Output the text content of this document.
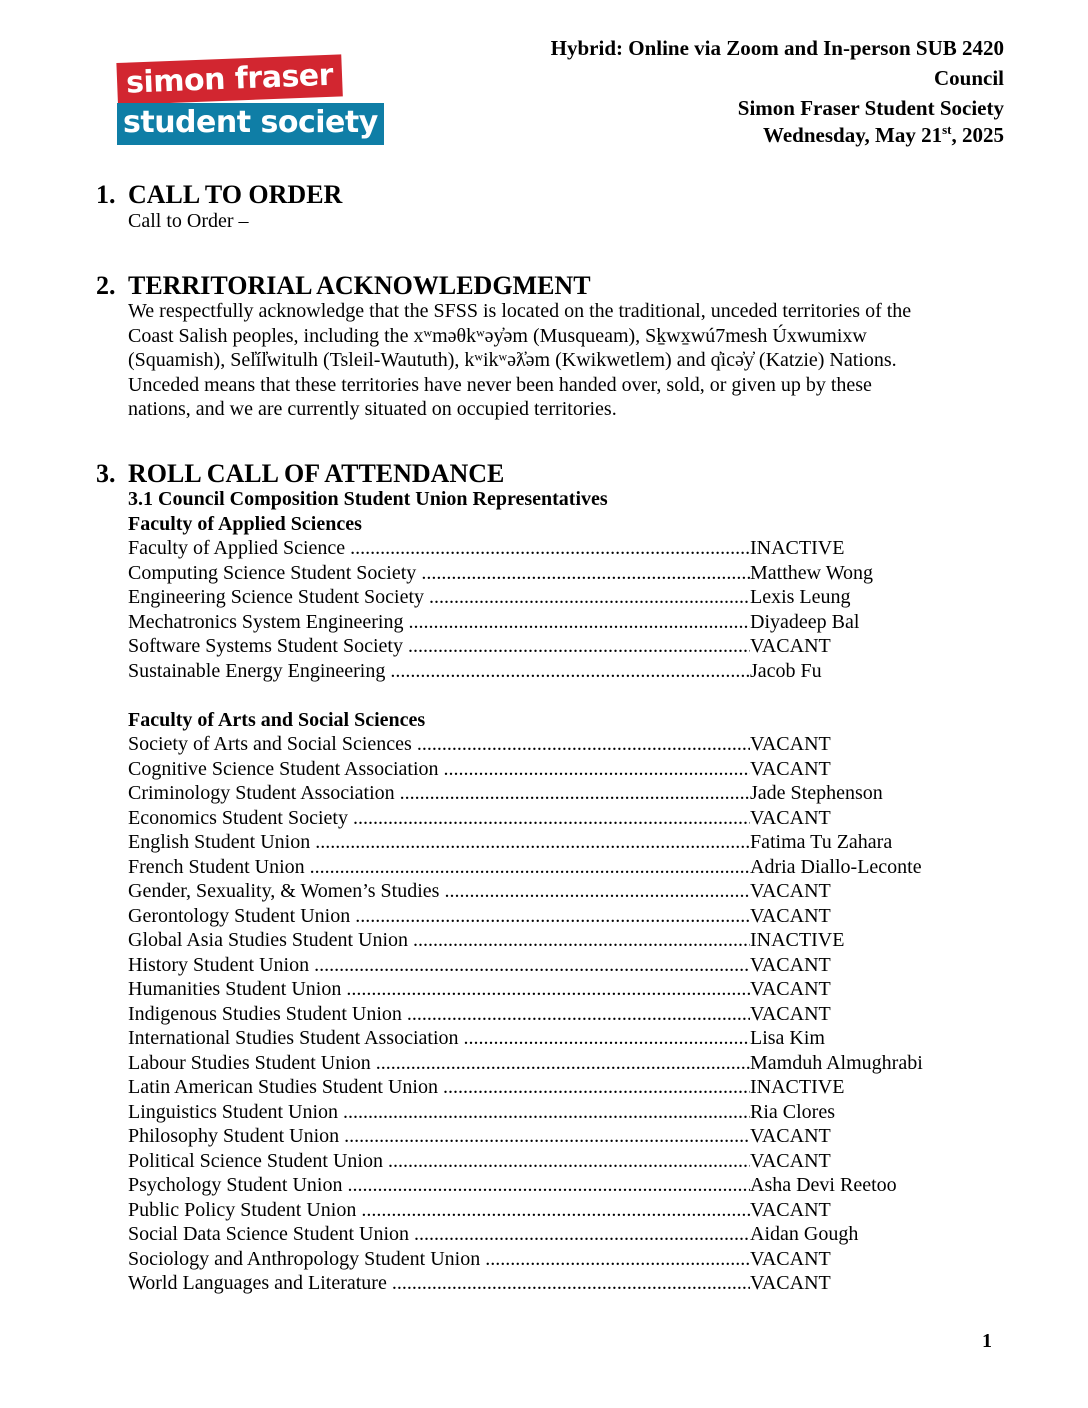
simon fraser
student society
Hybrid: Online via Zoom and In-person SUB 2420
Council
Simon Fraser Student Society
Wednesday, May 21st, 2025
1. CALL TO ORDER
Call to Order –
2. TERRITORIAL ACKNOWLEDGMENT
We respectfully acknowledge that the SFSS is located on the traditional, unceded territories of the
Coast Salish peoples, including the xʷməθkʷəy̓əm (Musqueam), Sḵwx̱wú7mesh Úxwumixw
(Squamish), Sel̓íl̓witulh (Tsleil-Waututh), kʷikʷəƛ̓əm (Kwikwetlem) and q̓icə̓y̓ (Katzie) Nations.
Unceded means that these territories have never been handed over, sold, or given up by these
nations, and we are currently situated on occupied territories.
3. ROLL CALL OF ATTENDANCE
3.1 Council Composition Student Union Representatives
Faculty of Applied Sciences
Faculty of Applied Science .....	INACTIVE
Computing Science Student Society .....	Matthew Wong
Engineering Science Student Society .....	Lexis Leung
Mechatronics System Engineering .....	Diyadeep Bal
Software Systems Student Society .....	VACANT
Sustainable Energy Engineering .....	Jacob Fu
Faculty of Arts and Social Sciences
Society of Arts and Social Sciences .....	VACANT
Cognitive Science Student Association .....	VACANT
Criminology Student Association .....	Jade Stephenson
Economics Student Society .....	VACANT
English Student Union .....	Fatima Tu Zahara
French Student Union .....	Adria Diallo-Leconte
Gender, Sexuality, & Women’s Studies .....	VACANT
Gerontology Student Union .....	VACANT
Global Asia Studies Student Union .....	INACTIVE
History Student Union .....	VACANT
Humanities Student Union .....	VACANT
Indigenous Studies Student Union .....	VACANT
International Studies Student Association .....	Lisa Kim
Labour Studies Student Union .....	Mamduh Almughrabi
Latin American Studies Student Union .....	INACTIVE
Linguistics Student Union .....	Ria Clores
Philosophy Student Union .....	VACANT
Political Science Student Union .....	VACANT
Psychology Student Union .....	Asha Devi Reetoo
Public Policy Student Union .....	VACANT
Social Data Science Student Union .....	Aidan Gough
Sociology and Anthropology Student Union .....	VACANT
World Languages and Literature .....	VACANT
1
